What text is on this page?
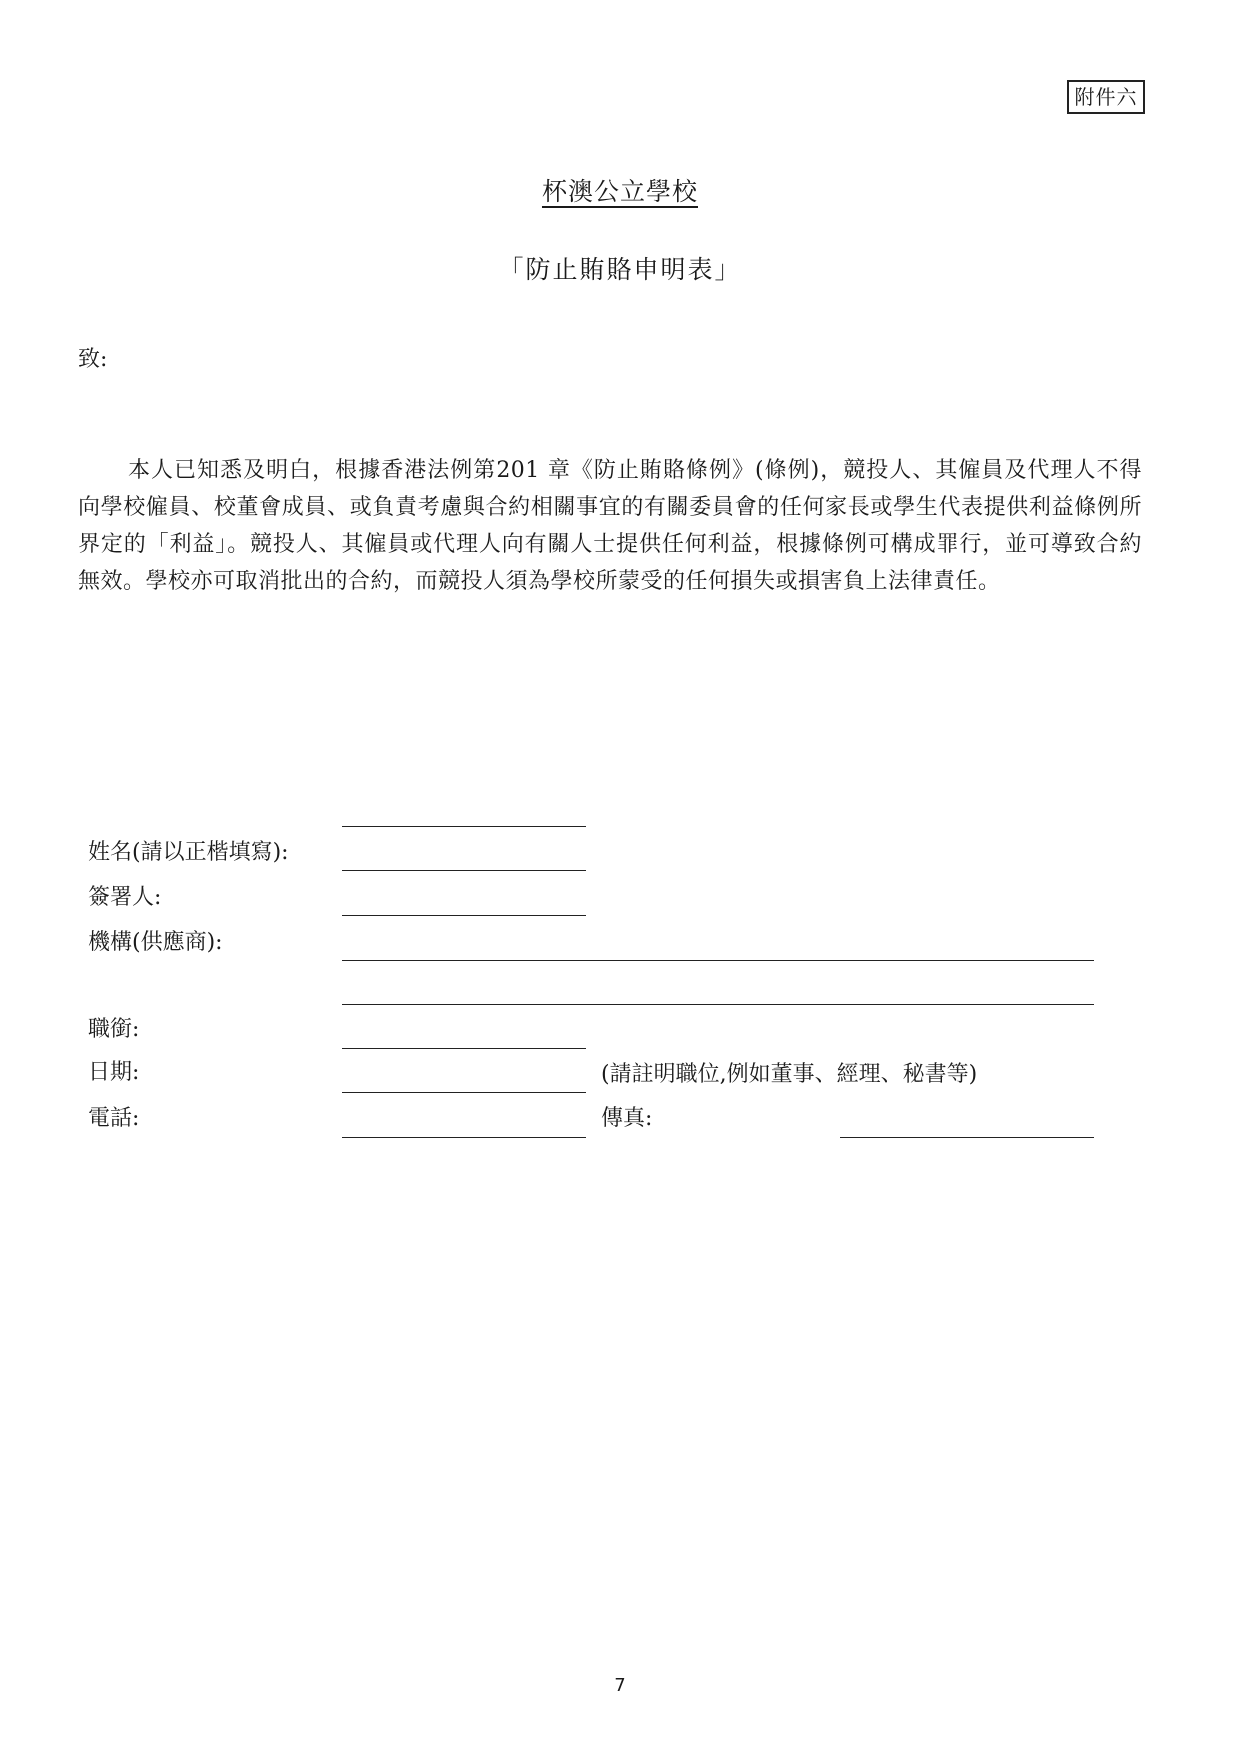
附件六
杯澳公立學校
「防止賄賂申明表」
致:

本人已知悉及明白，根據香港法例第201 章《防止賄賂條例》(條例)，競投人、其僱員及代理人不得向學校僱員、校董會成員、或負責考慮與合約相關事宜的有關委員會的任何家長或學生代表提供利益條例所界定的「利益」。競投人、其僱員或代理人向有關人士提供任何利益，根據條例可構成罪行，並可導致合約無效。學校亦可取消批出的合約，而競投人須為學校所蒙受的任何損失或損害負上法律責任。

姓名(請以正楷填寫):
簽署人:
機構(供應商):
職銜:
(請註明職位,例如董事、經理、秘書等)
日期:
電話:	傳真:
7
